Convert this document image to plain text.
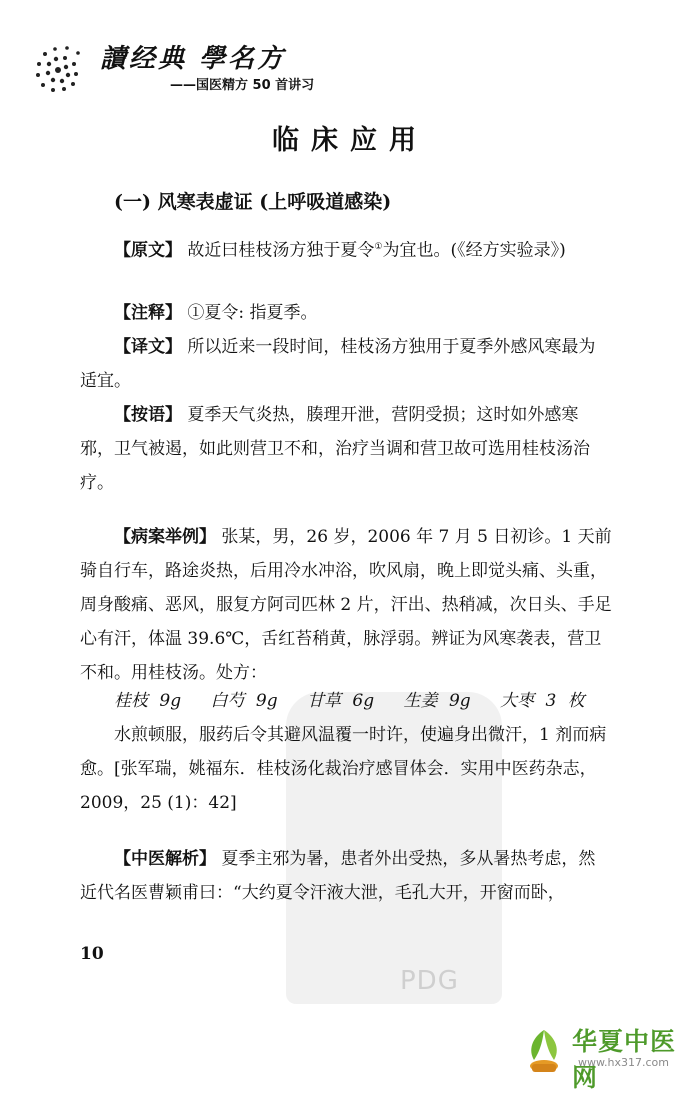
讀经典 學名方
——国医精方 50 首讲习
临床应用
(一) 风寒表虚证 (上呼吸道感染)
【原文】 故近曰桂枝汤方独于夏令①为宜也。(《经方实验录》)
【注释】 ①夏令: 指夏季。
【译文】 所以近来一段时间，桂枝汤方独用于夏季外感风寒最为适宜。
【按语】 夏季天气炎热，腠理开泄，营阴受损；这时如外感寒邪，卫气被遏，如此则营卫不和，治疗当调和营卫故可选用桂枝汤治疗。
【病案举例】 张某，男，26 岁，2006 年 7 月 5 日初诊。1 天前骑自行车，路途炎热，后用冷水冲浴，吹风扇，晚上即觉头痛、头重，周身酸痛、恶风，服复方阿司匹林 2 片，汗出、热稍减，次日头、手足心有汗，体温 39.6℃，舌红苔稍黄，脉浮弱。辨证为风寒袭表，营卫不和。用桂枝汤。处方：
桂枝 9g 白芍 9g 甘草 6g 生姜 9g 大枣 3 枚
水煎顿服，服药后令其避风温覆一时许，使遍身出微汗，1 剂而病愈。[张军瑞，姚福东．桂枝汤化裁治疗感冒体会．实用中医药杂志，2009，25 (1)：42]
【中医解析】 夏季主邪为暑，患者外出受热，多从暑热考虑，然近代名医曹颖甫曰：“大约夏令汗液大泄，毛孔大开，开窗而卧，
10
PDG
华夏中医网
www.hx317.com
